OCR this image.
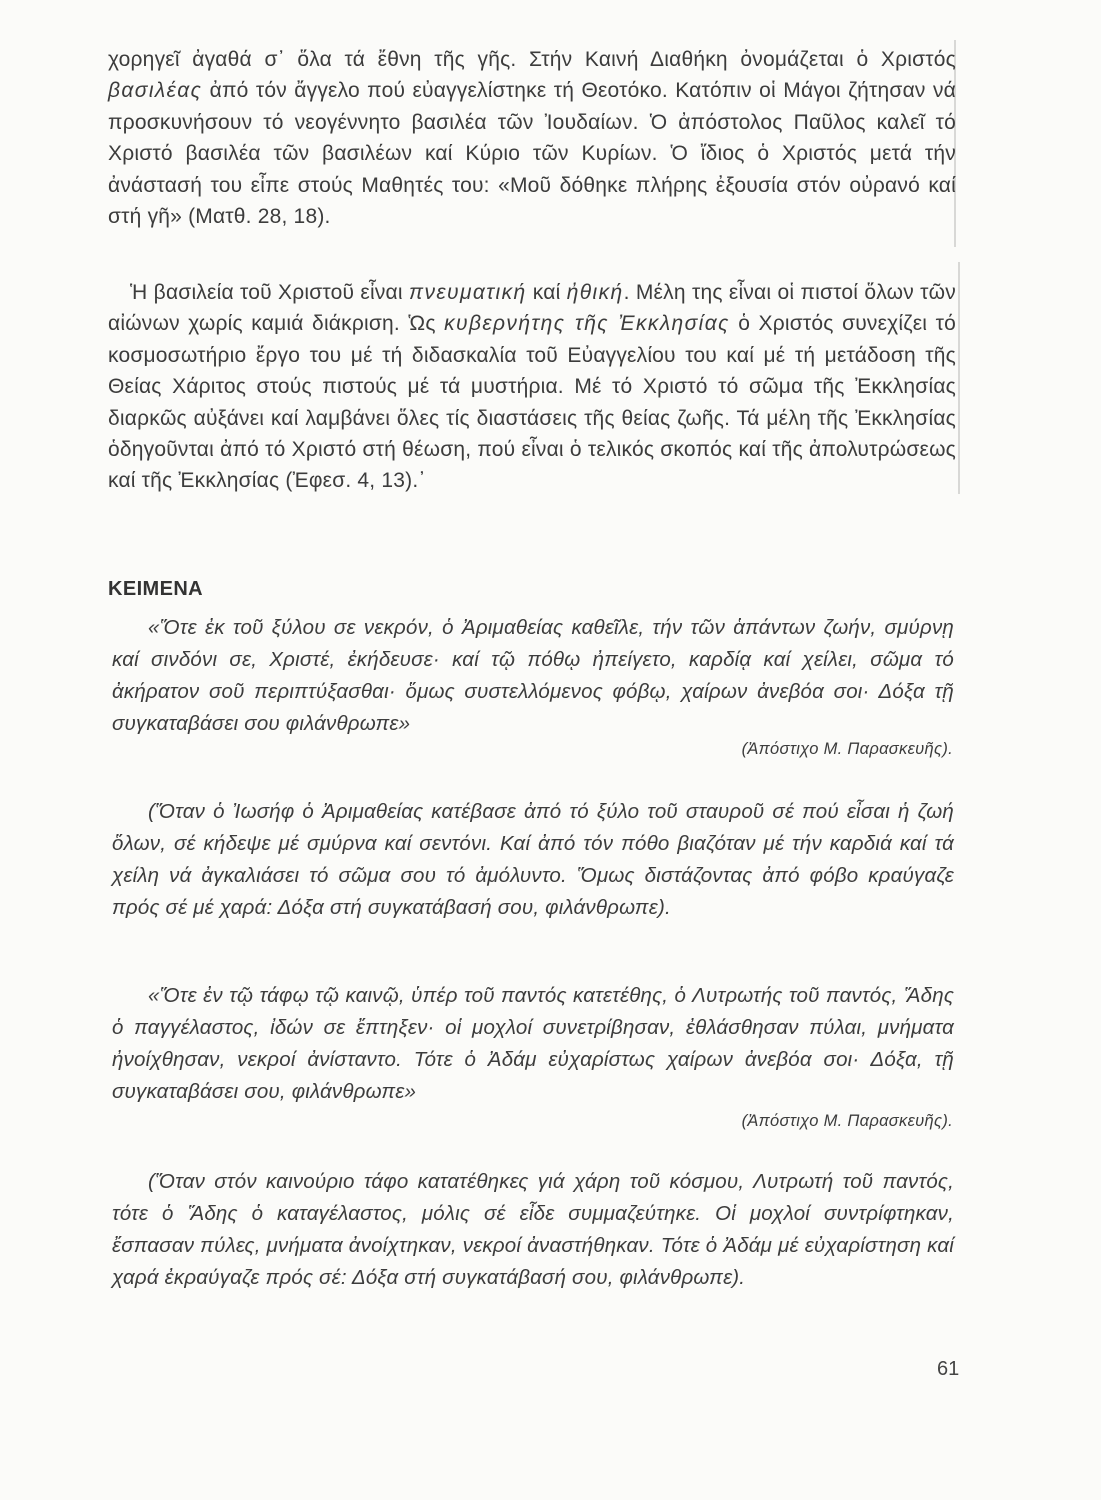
χορηγεῖ ἀγαθά σ᾽ ὅλα τά ἔθνη τῆς γῆς. Στήν Καινή Διαθήκη ὀνομάζεται ὁ Χριστός βασιλέας ἀπό τόν ἄγγελο πού εὐαγγελίστηκε τή Θεοτόκο. Κατόπιν οἱ Μάγοι ζήτησαν νά προσκυνήσουν τό νεογέννητο βασιλέα τῶν Ἰουδαίων. Ὁ ἀπόστολος Παῦλος καλεῖ τό Χριστό βασιλέα τῶν βασιλέων καί Κύριο τῶν Κυρίων. Ὁ ἴδιος ὁ Χριστός μετά τήν ἀνάστασή του εἶπε στούς Μαθητές του: «Μοῦ δόθηκε πλήρης ἐξουσία στόν οὐρανό καί στή γῆ» (Ματθ. 28, 18).

Ἡ βασιλεία τοῦ Χριστοῦ εἶναι πνευματική καί ἠθική. Μέλη της εἶναι οἱ πιστοί ὅλων τῶν αἰώνων χωρίς καμιά διάκριση. Ὡς κυβερνήτης τῆς Ἐκκλησίας ὁ Χριστός συνεχίζει τό κοσμοσωτήριο ἔργο του μέ τή διδασκαλία τοῦ Εὐαγγελίου του καί μέ τή μετάδοση τῆς Θείας Χάριτος στούς πιστούς μέ τά μυστήρια. Μέ τό Χριστό τό σῶμα τῆς Ἐκκλησίας διαρκῶς αὐξάνει καί λαμβάνει ὅλες τίς διαστάσεις τῆς θείας ζωῆς. Τά μέλη τῆς Ἐκκλησίας ὁδηγοῦνται ἀπό τό Χριστό στή θέωση, πού εἶναι ὁ τελικός σκοπός καί τῆς ἀπολυτρώσεως καί τῆς Ἐκκλησίας (Ἐφεσ. 4, 13).᾽

ΚΕΙΜΕΝΑ

«Ὅτε ἐκ τοῦ ξύλου σε νεκρόν, ὁ Ἀριμαθείας καθεῖλε, τήν τῶν ἁπάντων ζωήν, σμύρνῃ καί σινδόνι σε, Χριστέ, ἐκήδευσε· καί τῷ πόθῳ ἠπείγετο, καρδίᾳ καί χείλει, σῶμα τό ἀκήρατον σοῦ περιπτύξασθαι· ὅμως συστελλόμενος φόβῳ, χαίρων ἀνεβόα σοι· Δόξα τῇ συγκαταβάσει σου φιλάνθρωπε»

(Ἀπόστιχο Μ. Παρασκευῆς).

(Ὅταν ὁ Ἰωσήφ ὁ Ἀριμαθείας κατέβασε ἀπό τό ξύλο τοῦ σταυροῦ σέ πού εἶσαι ἡ ζωή ὅλων, σέ κήδεψε μέ σμύρνα καί σεντόνι. Καί ἀπό τόν πόθο βιαζόταν μέ τήν καρδιά καί τά χείλη νά ἀγκαλιάσει τό σῶμα σου τό ἀμόλυντο. Ὅμως διστάζοντας ἀπό φόβο κραύγαζε πρός σέ μέ χαρά: Δόξα στή συγκατάβασή σου, φιλάνθρωπε).

«Ὅτε ἐν τῷ τάφῳ τῷ καινῷ, ὑπέρ τοῦ παντός κατετέθης, ὁ Λυτρωτής τοῦ παντός, Ἅδης ὁ παγγέλαστος, ἰδών σε ἔπτηξεν· οἱ μοχλοί συνετρίβησαν, ἐθλάσθησαν πύλαι, μνήματα ἠνοίχθησαν, νεκροί ἀνίσταντο. Τότε ὁ Ἀδάμ εὐχαρίστως χαίρων ἀνεβόα σοι· Δόξα, τῇ συγκαταβάσει σου, φιλάνθρωπε»

(Ἀπόστιχο Μ. Παρασκευῆς).

(Ὅταν στόν καινούριο τάφο κατατέθηκες γιά χάρη τοῦ κόσμου, Λυτρωτή τοῦ παντός, τότε ὁ Ἅδης ὁ καταγέλαστος, μόλις σέ εἶδε συμμαζεύτηκε. Οἱ μοχλοί συντρίφτηκαν, ἔσπασαν πύλες, μνήματα ἀνοίχτηκαν, νεκροί ἀναστήθηκαν. Τότε ὁ Ἀδάμ μέ εὐχαρίστηση καί χαρά ἐκραύγαζε πρός σέ: Δόξα στή συγκατάβασή σου, φιλάνθρωπε).

61
